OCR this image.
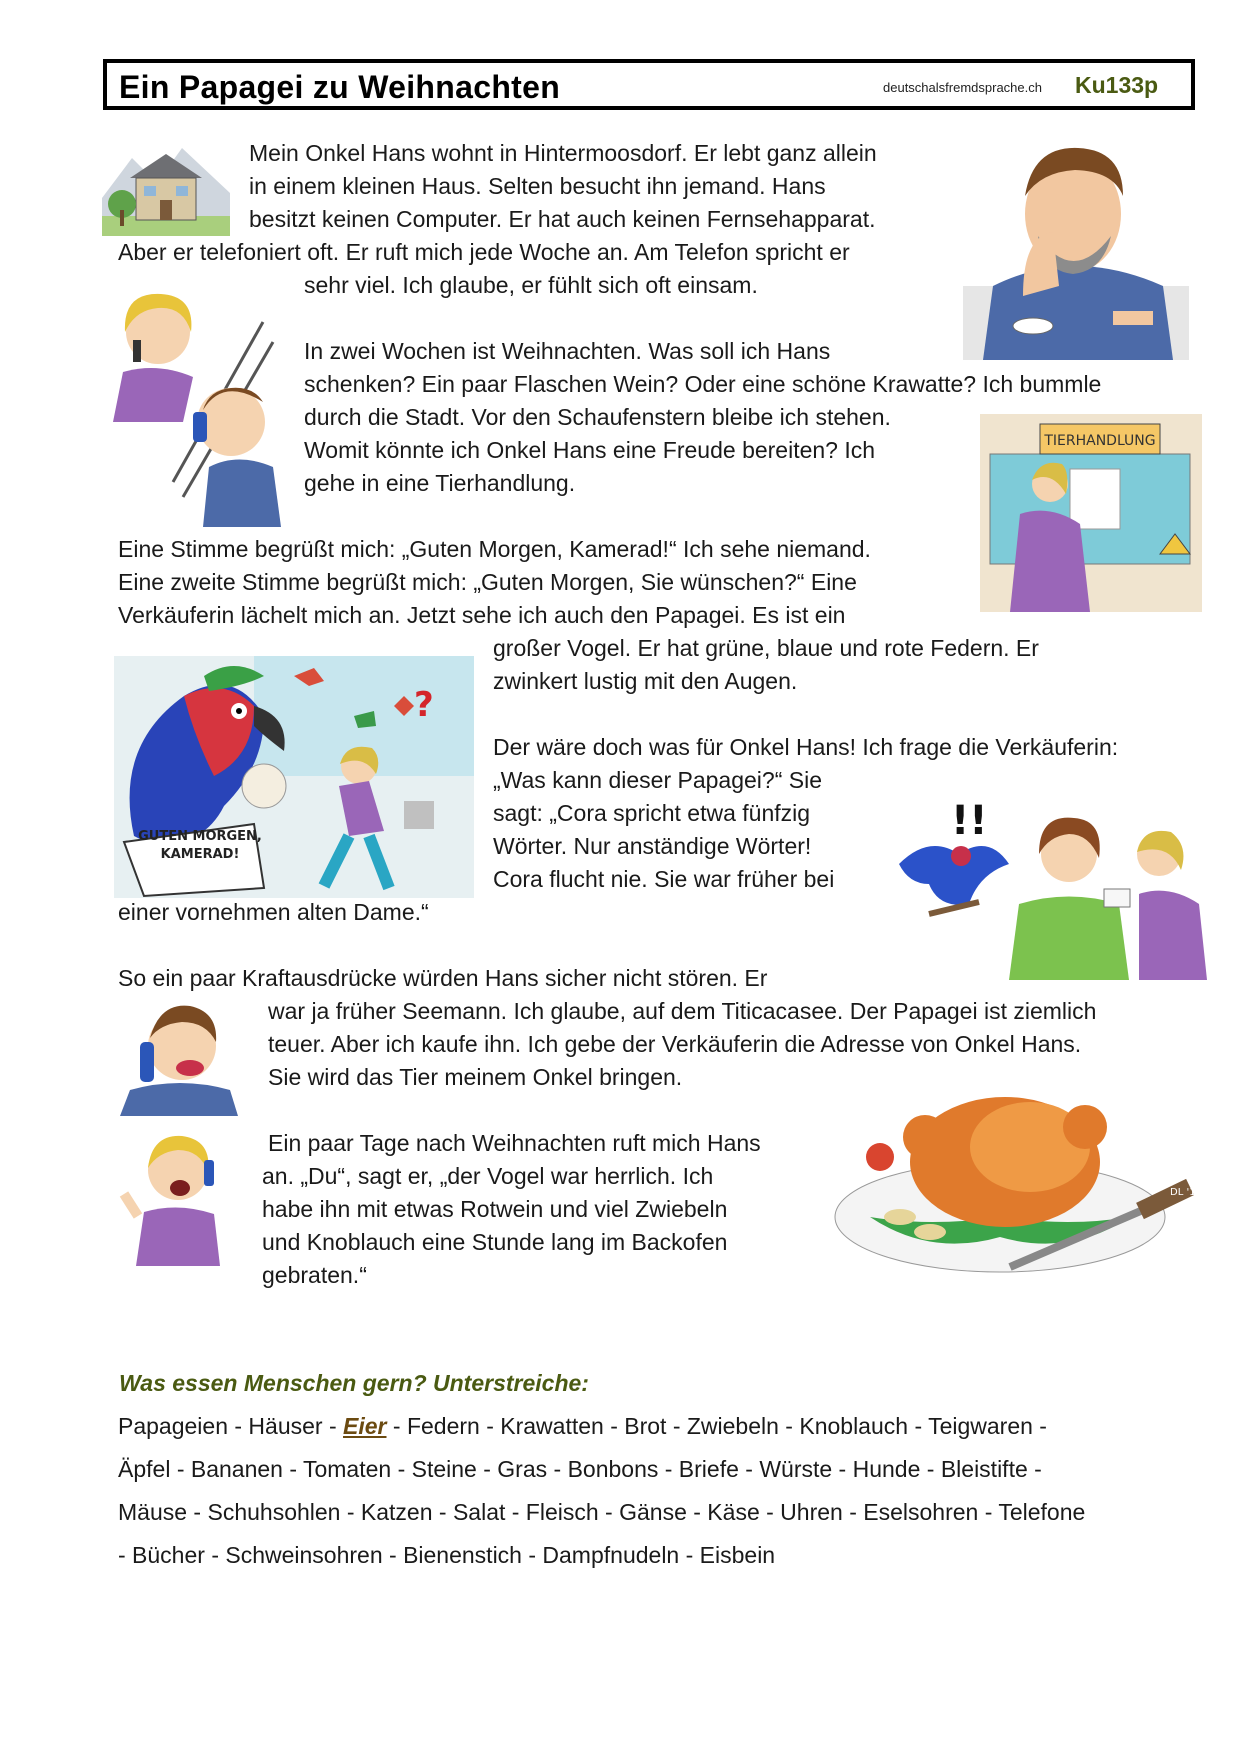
Ein Papagei zu Weihnachten	deutschalsfremdsprache.ch Ku133p
Mein Onkel Hans wohnt in Hintermoosdorf. Er lebt ganz allein
in einem kleinen Haus. Selten besucht ihn jemand. Hans
besitzt keinen Computer. Er hat auch keinen Fernsehapparat.
Aber er telefoniert oft. Er ruft mich jede Woche an. Am Telefon spricht er
sehr viel. Ich glaube, er fühlt sich oft einsam.
In zwei Wochen ist Weihnachten. Was soll ich Hans
schenken? Ein paar Flaschen Wein? Oder eine schöne Krawatte? Ich bummle
durch die Stadt. Vor den Schaufenstern bleibe ich stehen.
Womit könnte ich Onkel Hans eine Freude bereiten? Ich
gehe in eine Tierhandlung.
Eine Stimme begrüßt mich: „Guten Morgen, Kamerad!“ Ich sehe niemand.
Eine zweite Stimme begrüßt mich: „Guten Morgen, Sie wünschen?“ Eine
Verkäuferin lächelt mich an. Jetzt sehe ich auch den Papagei. Es ist ein
großer Vogel. Er hat grüne, blaue und rote Federn. Er
zwinkert lustig mit den Augen.
Der wäre doch was für Onkel Hans! Ich frage die Verkäuferin:
„Was kann dieser Papagei?“ Sie
sagt: „Cora spricht etwa fünfzig
Wörter. Nur anständige Wörter!
Cora flucht nie. Sie war früher bei
einer vornehmen alten Dame.“
So ein paar Kraftausdrücke würden Hans sicher nicht stören. Er
war ja früher Seemann. Ich glaube, auf dem Titicacasee. Der Papagei ist ziemlich
teuer. Aber ich kaufe ihn. Ich gebe der Verkäuferin die Adresse von Onkel Hans.
Sie wird das Tier meinem Onkel bringen.
Ein paar Tage nach Weihnachten ruft mich Hans
an. „Du“, sagt er, „der Vogel war herrlich. Ich
habe ihn mit etwas Rotwein und viel Zwiebeln
und Knoblauch eine Stunde lang im Backofen
gebraten.“
Was essen Menschen gern? Unterstreiche:
Papageien - Häuser - Eier - Federn - Krawatten - Brot - Zwiebeln - Knoblauch - Teigwaren -
Äpfel - Bananen - Tomaten - Steine - Gras - Bonbons - Briefe - Würste - Hunde - Bleistifte -
Mäuse - Schuhsohlen - Katzen - Salat - Fleisch - Gänse - Käse - Uhren - Eselsohren - Telefone
- Bücher - Schweinsohren - Bienenstich - Dampfnudeln - Eisbein
TIERHANDLUNG
GUTEN MORGEN,
KAMERAD!
?
!!
DL '19
